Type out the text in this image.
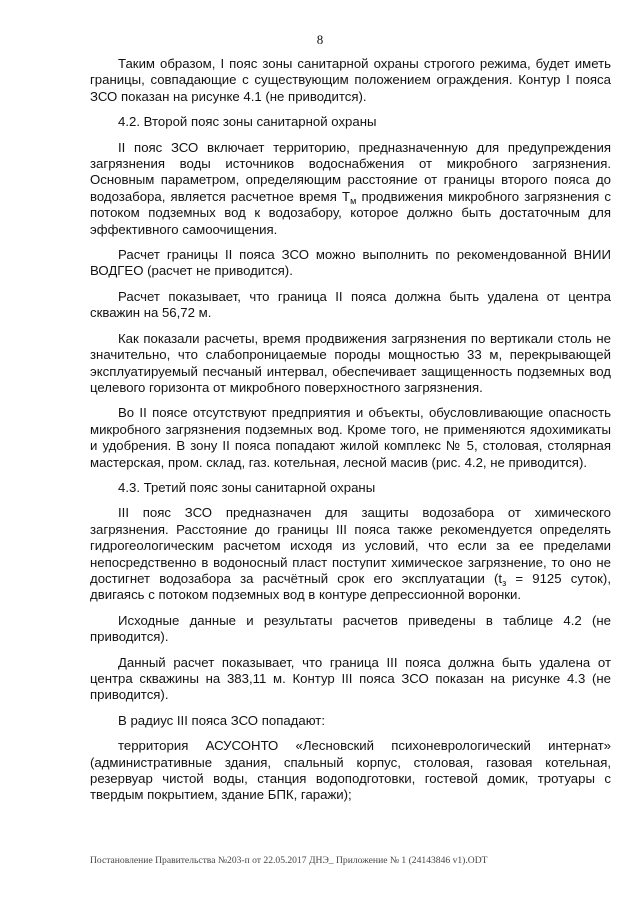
8

Таким образом, I пояс зоны санитарной охраны строгого режима, будет иметь границы, совпадающие с существующим положением ограждения. Контур I пояса ЗСО показан на рисунке 4.1 (не приводится).

4.2. Второй пояс зоны санитарной охраны

II пояс ЗСО включает территорию, предназначенную для предупреждения загрязнения воды источников водоснабжения от микробного загрязнения. Основным параметром, определяющим расстояние от границы второго пояса до водозабора, является расчетное время $T_м$ продвижения микробного загрязнения с потоком подземных вод к водозабору, которое должно быть достаточным для эффективного самоочищения.

Расчет границы II пояса ЗСО можно выполнить по рекомендованной ВНИИ ВОДГЕО (расчет не приводится).

Расчет показывает, что граница II пояса должна быть удалена от центра скважин на 56,72 м.

Как показали расчеты, время продвижения загрязнения по вертикали столь не значительно, что слабопроницаемые породы мощностью 33 м, перекрывающей эксплуатируемый песчаный интервал, обеспечивает защищенность подземных вод целевого горизонта от микробного поверхностного загрязнения.

Во II поясе отсутствуют предприятия и объекты, обусловливающие опасность микробного загрязнения подземных вод. Кроме того, не применяются ядохимикаты и удобрения. В зону II пояса попадают жилой комплекс № 5, столовая, столярная мастерская, пром. склад, газ. котельная, лесной масив (рис. 4.2, не приводится).

4.3. Третий пояс зоны санитарной охраны

III пояс ЗСО предназначен для защиты водозабора от химического загрязнения. Расстояние до границы III пояса также рекомендуется определять гидрогеологическим расчетом исходя из условий, что если за ее пределами непосредственно в водоносный пласт поступит химическое загрязнение, то оно не достигнет водозабора за расчётный срок его эксплуатации ($t_з = 9125$ суток), двигаясь с потоком подземных вод в контуре депрессионной воронки.

Исходные данные и результаты расчетов приведены в таблице 4.2 (не приводится).

Данный расчет показывает, что граница III пояса должна быть удалена от центра скважины на 383,11 м. Контур III пояса ЗСО показан на рисунке 4.3 (не приводится).

В радиус III пояса ЗСО попадают:

территория АСУСОНТО «Лесновский психоневрологический интернат» (административные здания, спальный корпус, столовая, газовая котельная, резервуар чистой воды, станция водоподготовки, гостевой домик, тротуары с твердым покрытием, здание БПК, гаражи);

Постановление Правительства №203-п от 22.05.2017 ДНЭ_ Приложение № 1 (24143846 v1).ODT
